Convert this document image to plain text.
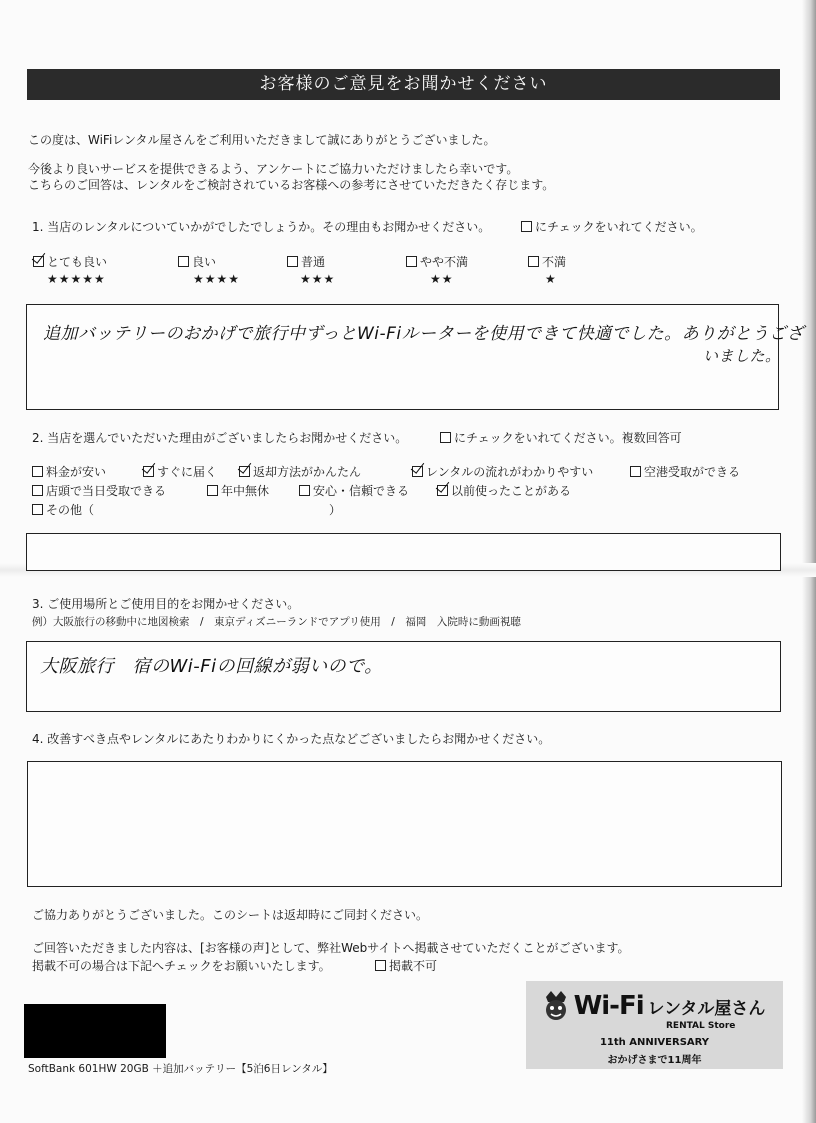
お客様のご意見をお聞かせください
この度は、WiFiレンタル屋さんをご利用いただきまして誠にありがとうございました。
今後より良いサービスを提供できるよう、アンケートにご協力いただけましたら幸いです。
こちらのご回答は、レンタルをご検討されているお客様への参考にさせていただきたく存じます。
1. 当店のレンタルについていかがでしたでしょうか。その理由もお聞かせください。	にチェックをいれてください。
とても良い
★★★★★
良い
★★★★
普通
★★★
やや不満
★★
不満
★
追加バッテリーのおかげで旅行中ずっとWi-Fiルーターを使用できて快適でした。ありがとうござ
いました。
2. 当店を選んでいただいた理由がございましたらお聞かせください。	にチェックをいれてください。複数回答可
料金が安い	すぐに届く	返却方法がかんたん	レンタルの流れがわかりやすい	空港受取ができる
店頭で当日受取できる	年中無休	安心・信頼できる	以前使ったことがある
その他（	）
3. ご使用場所とご使用目的をお聞かせください。
例）大阪旅行の移動中に地図検索　/　東京ディズニーランドでアプリ使用　/　福岡　入院時に動画視聴
大阪旅行　宿のWi-Fiの回線が弱いので。
4. 改善すべき点やレンタルにあたりわかりにくかった点などございましたらお聞かせください。
ご協力ありがとうございました。このシートは返却時にご同封ください。
ご回答いただきました内容は、[お客様の声]として、弊社Webサイトへ掲載させていただくことがございます。
掲載不可の場合は下記へチェックをお願いいたします。	掲載不可
SoftBank 601HW 20GB ＋追加バッテリー【5泊6日レンタル】
Wi-Fi レンタル屋さん
RENTAL Store
11th ANNIVERSARY
おかげさまで11周年
